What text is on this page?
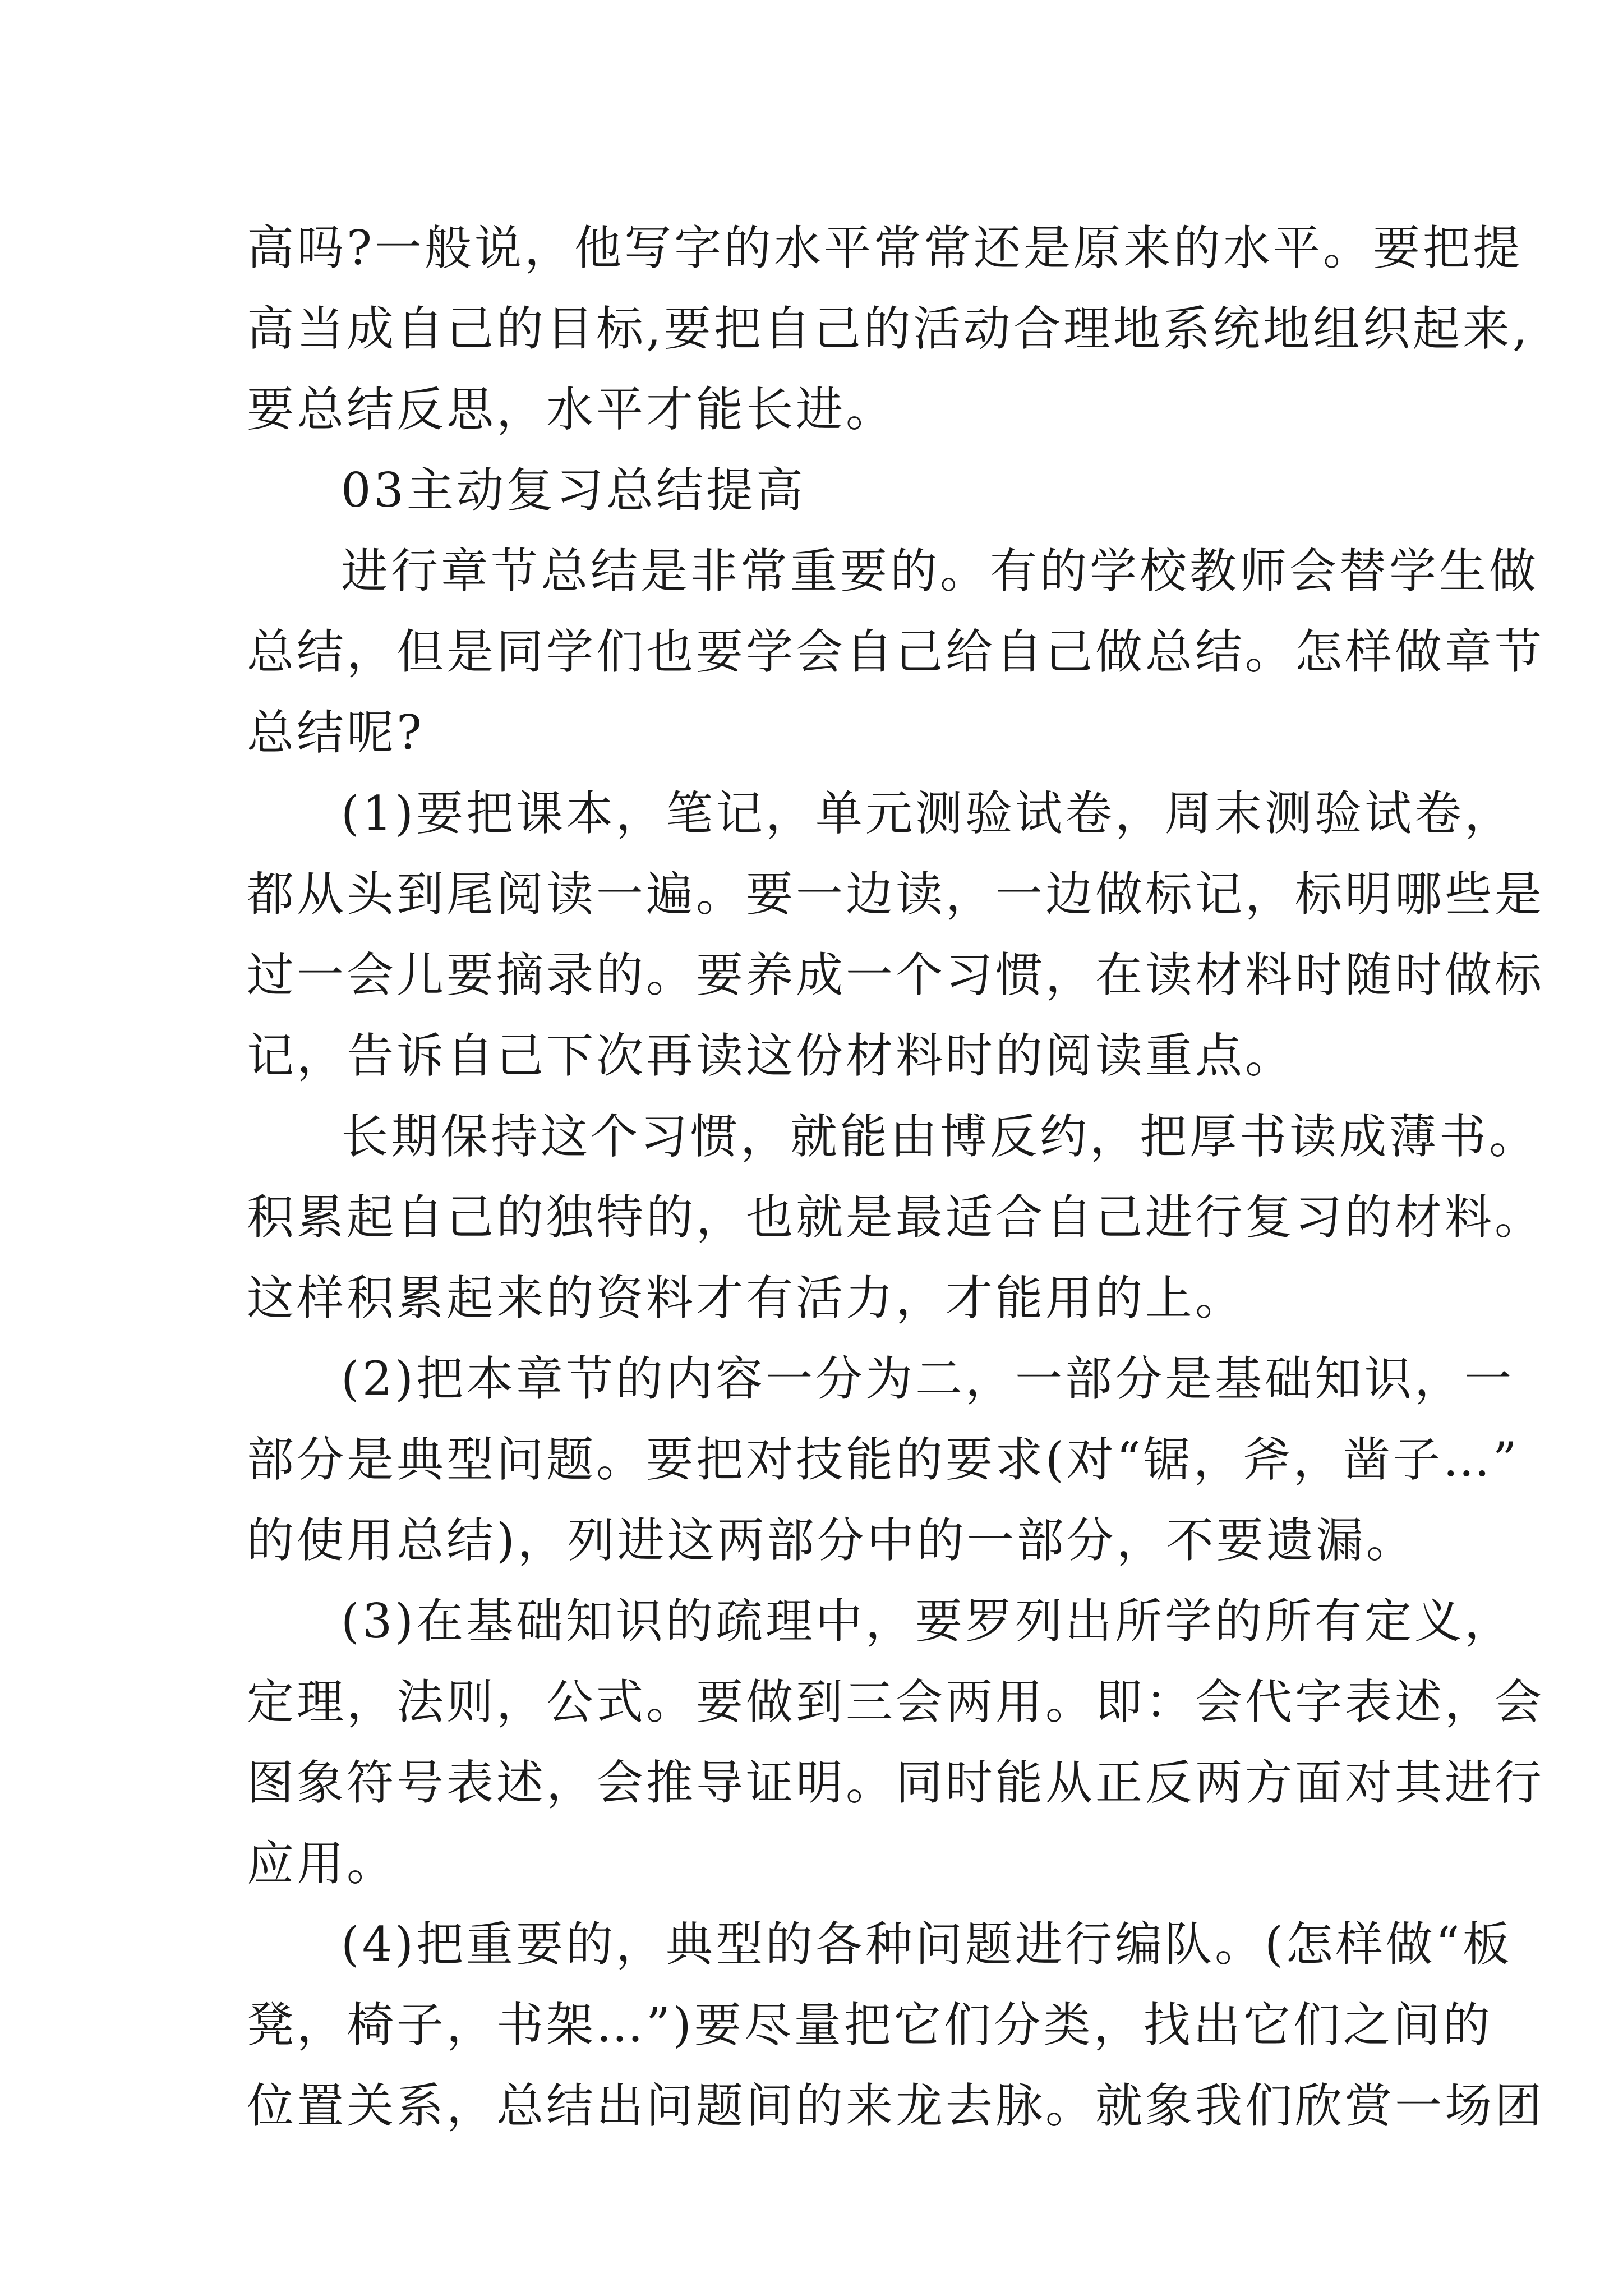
高吗?一般说，他写字的水平常常还是原来的水平。要把提
高当成自己的目标,要把自己的活动合理地系统地组织起来,
要总结反思，水平才能长进。
03主动复习总结提高
进行章节总结是非常重要的。有的学校教师会替学生做
总结，但是同学们也要学会自己给自己做总结。怎样做章节
总结呢?
(1)要把课本，笔记，单元测验试卷，周末测验试卷，
都从头到尾阅读一遍。要一边读，一边做标记，标明哪些是
过一会儿要摘录的。要养成一个习惯，在读材料时随时做标
记，告诉自己下次再读这份材料时的阅读重点。
长期保持这个习惯，就能由博反约，把厚书读成薄书。
积累起自己的独特的，也就是最适合自己进行复习的材料。
这样积累起来的资料才有活力，才能用的上。
(2)把本章节的内容一分为二，一部分是基础知识，一
部分是典型问题。要把对技能的要求(对“锯，斧，凿子…”
的使用总结)，列进这两部分中的一部分，不要遗漏。
(3)在基础知识的疏理中，要罗列出所学的所有定义，
定理，法则，公式。要做到三会两用。即：会代字表述，会
图象符号表述，会推导证明。同时能从正反两方面对其进行
应用。
(4)把重要的，典型的各种问题进行编队。(怎样做“板
凳，椅子，书架…”)要尽量把它们分类，找出它们之间的
位置关系，总结出问题间的来龙去脉。就象我们欣赏一场团
